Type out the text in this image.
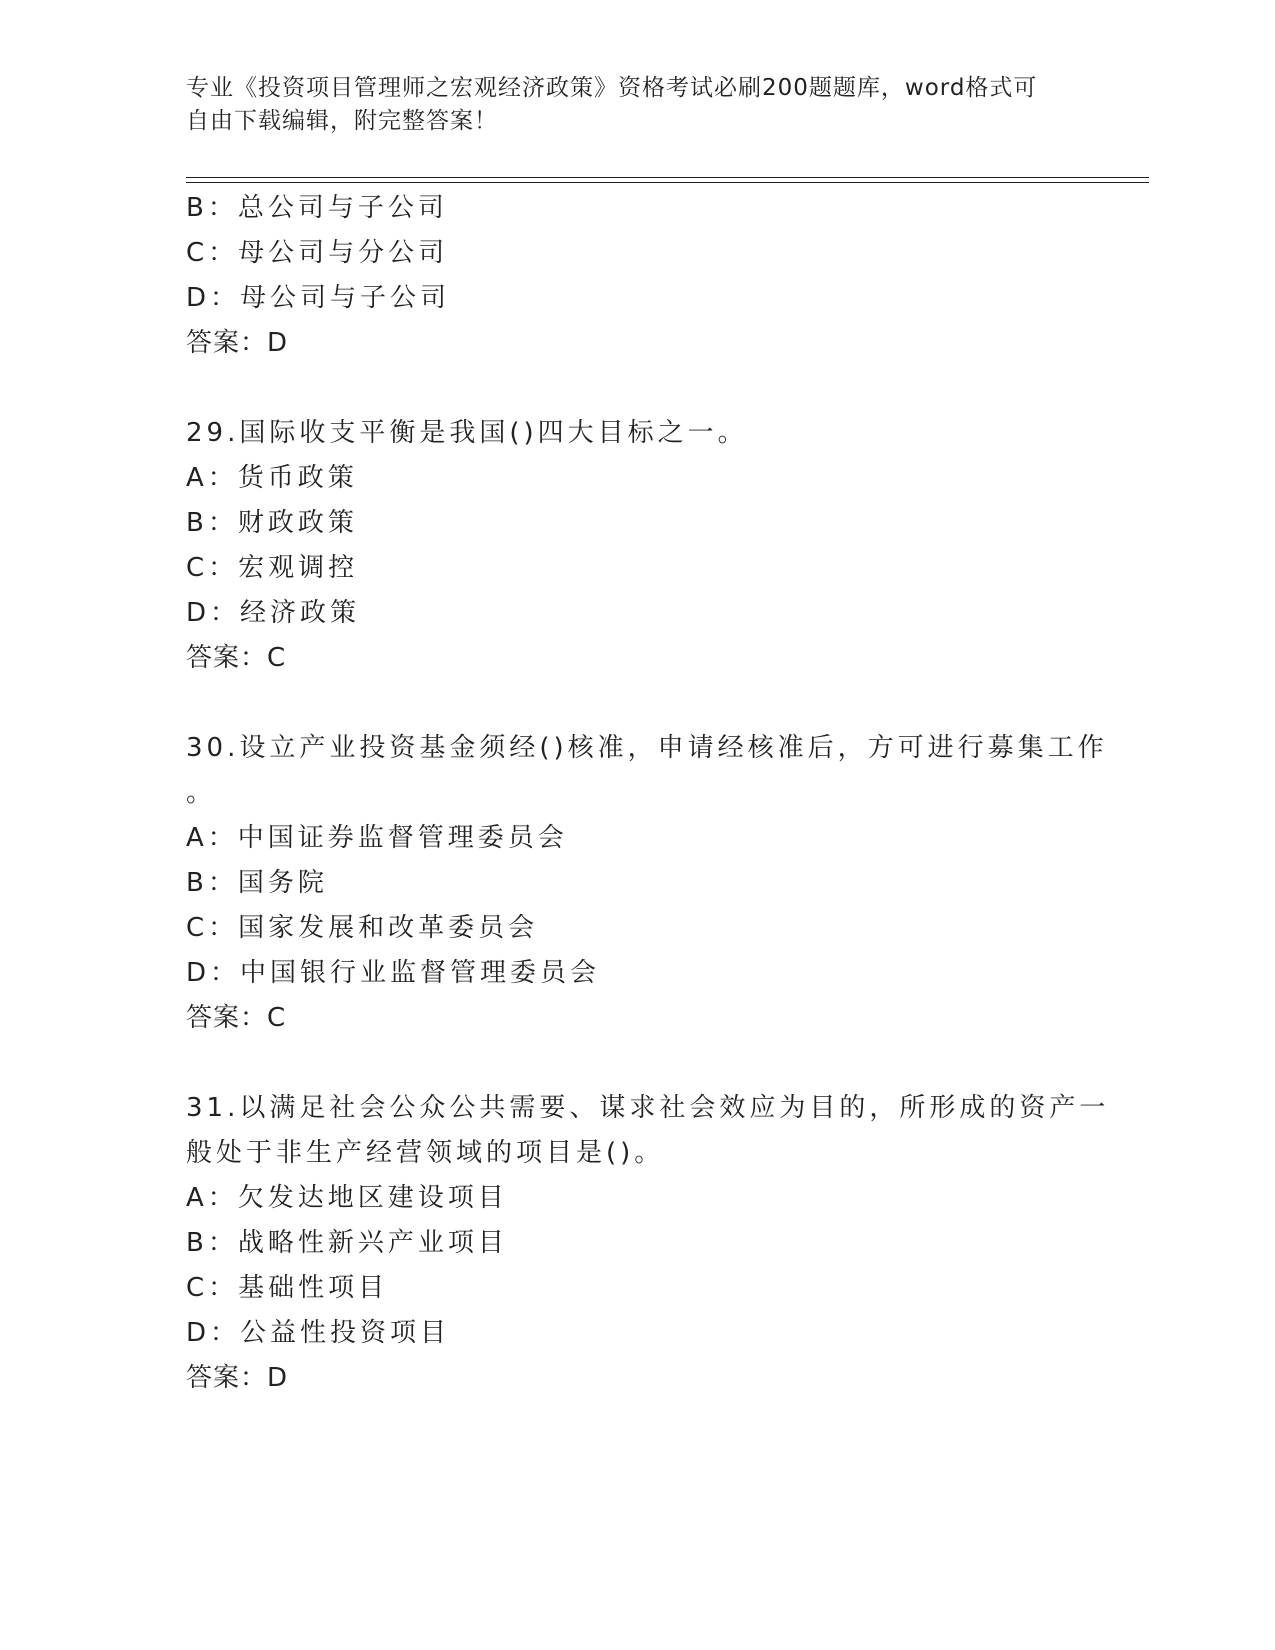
专业《投资项目管理师之宏观经济政策》资格考试必刷200题题库，word格式可
自由下载编辑，附完整答案！
B：总公司与子公司
C：母公司与分公司
D：母公司与子公司
答案：D
29.国际收支平衡是我国()四大目标之一。
A：货币政策
B：财政政策
C：宏观调控
D：经济政策
答案：C
30.设立产业投资基金须经()核准，申请经核准后，方可进行募集工作
。
A：中国证券监督管理委员会
B：国务院
C：国家发展和改革委员会
D：中国银行业监督管理委员会
答案：C
31.以满足社会公众公共需要、谋求社会效应为目的，所形成的资产一
般处于非生产经营领域的项目是()。
A：欠发达地区建设项目
B：战略性新兴产业项目
C：基础性项目
D：公益性投资项目
答案：D
